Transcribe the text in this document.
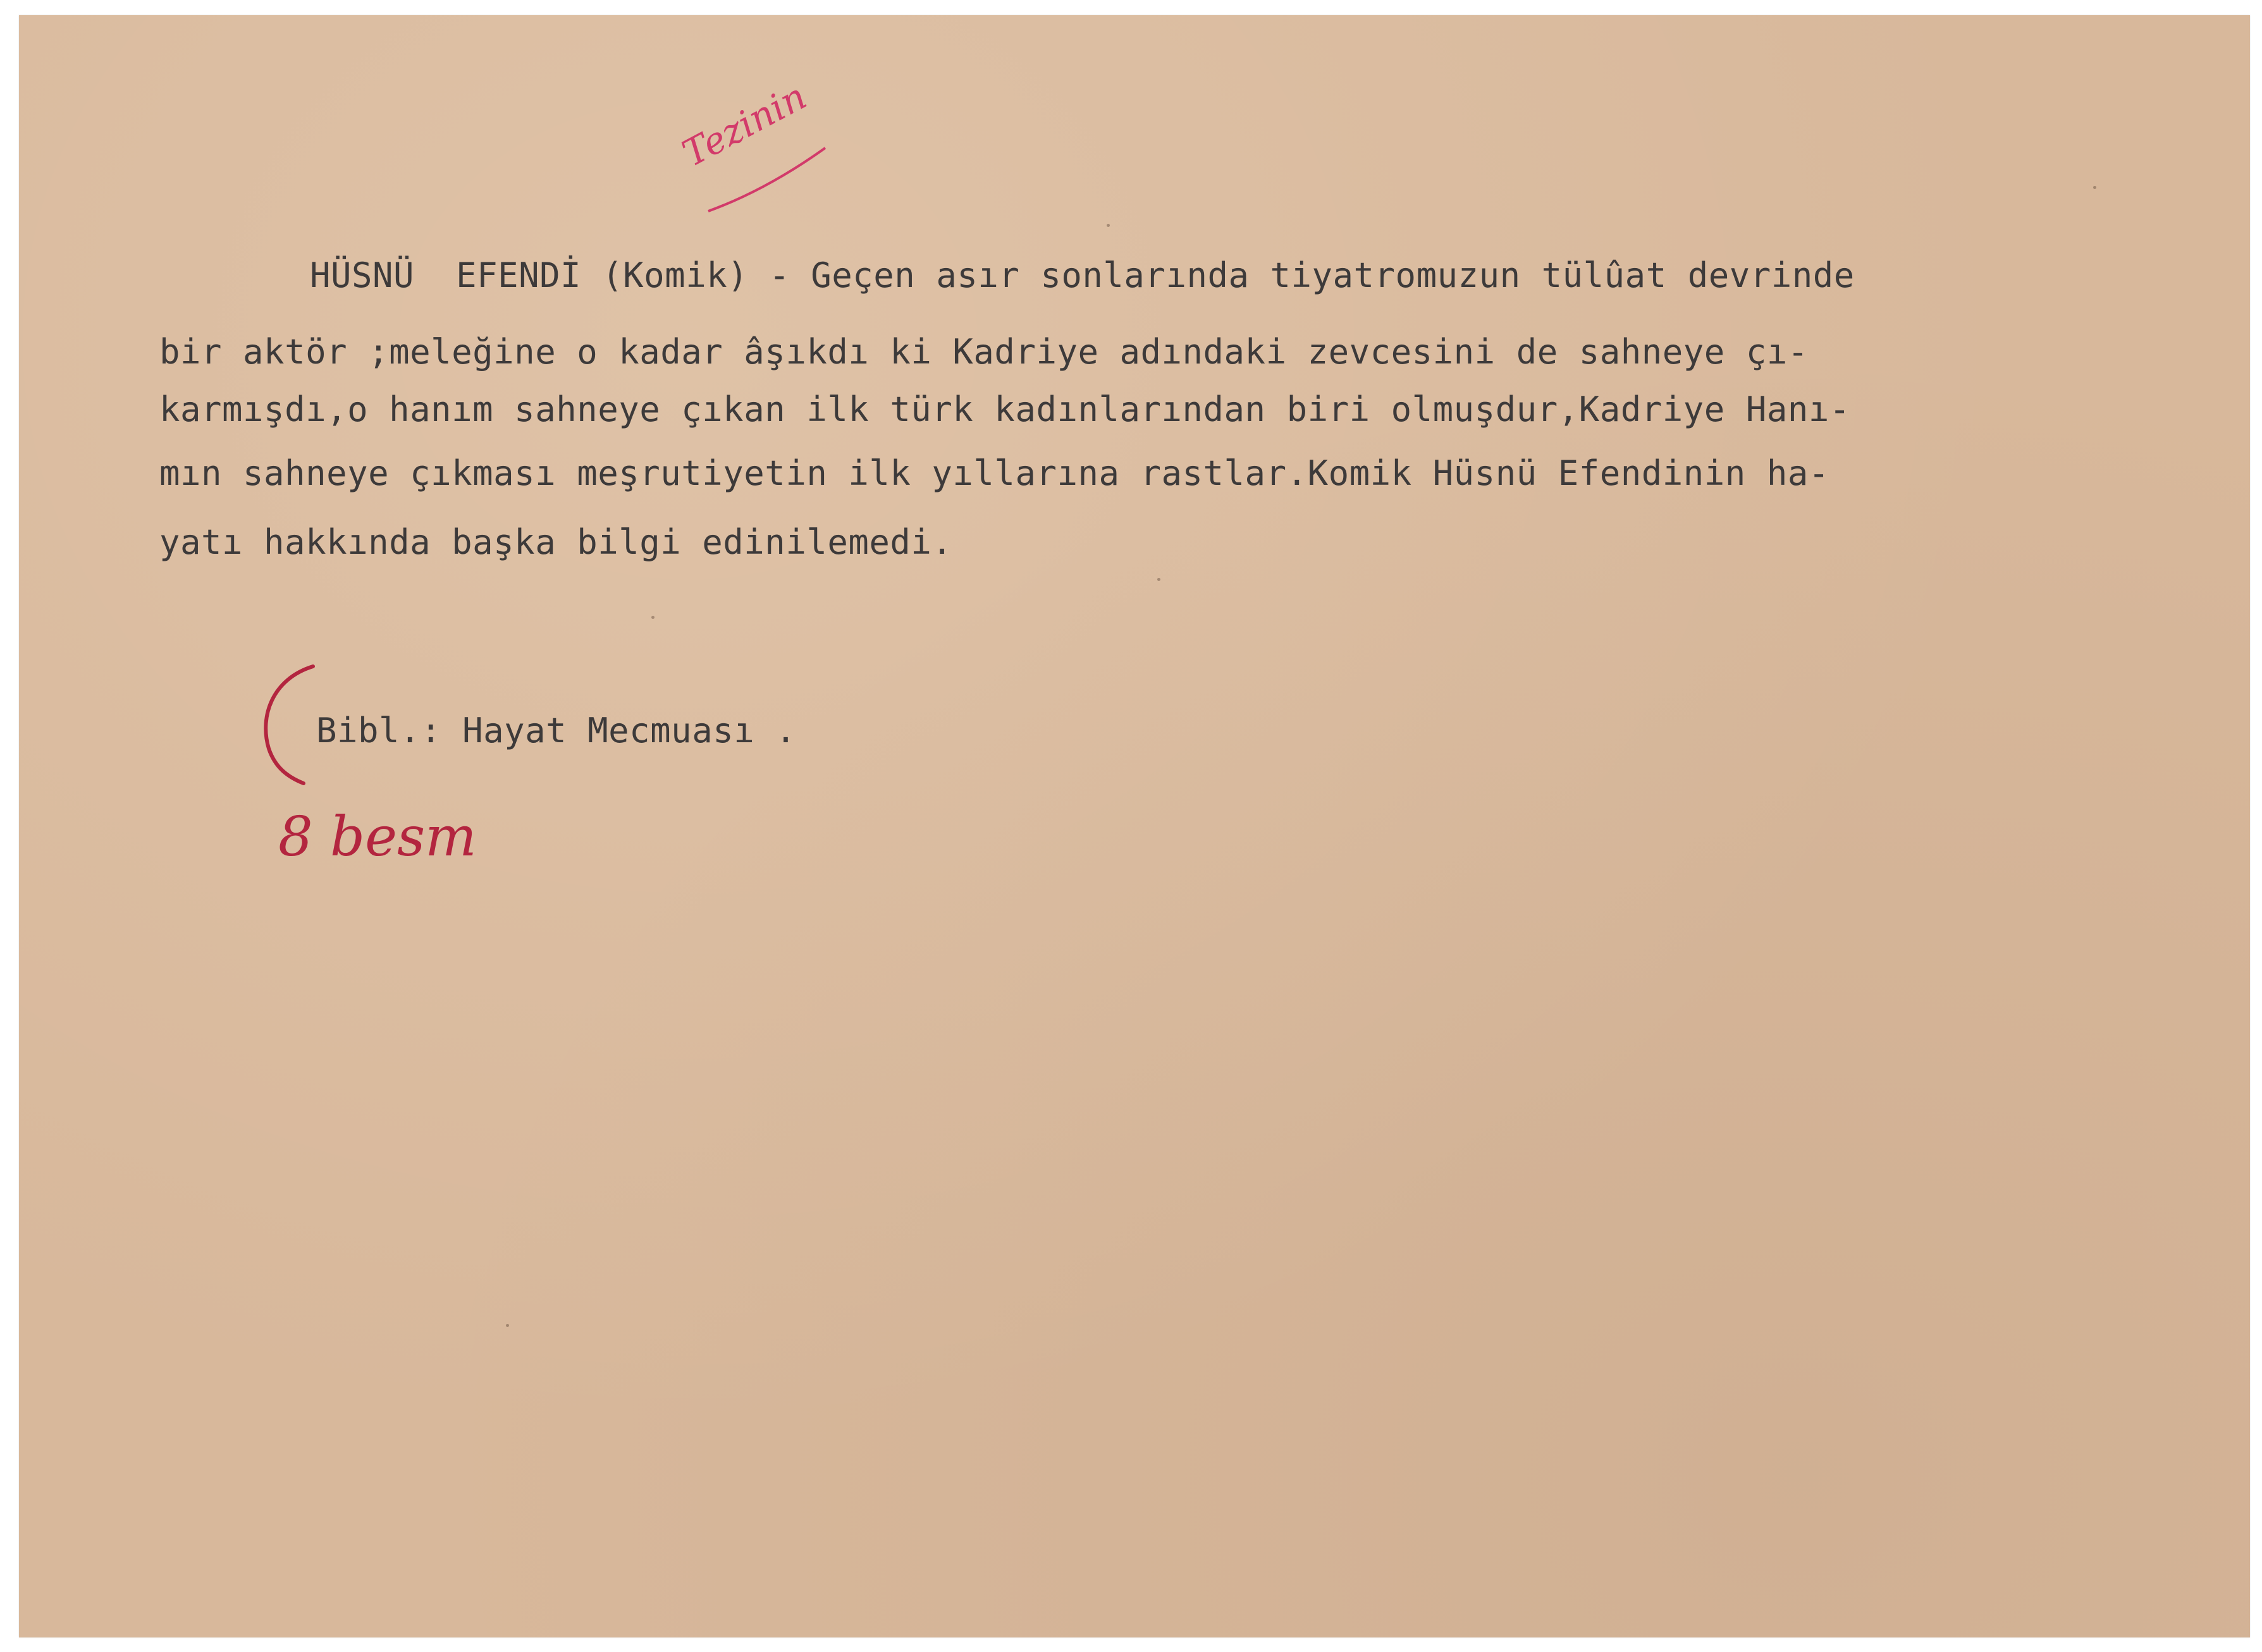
Tezinin
HÜSNÜ  EFENDİ (Komik) - Geçen asır sonlarında tiyatromuzun tülûat devrinde
bir aktör ;meleğine o kadar âşıkdı ki Kadriye adındaki zevcesini de sahneye çı-
karmışdı,o hanım sahneye çıkan ilk türk kadınlarından biri olmuşdur,Kadriye Hanı-
mın sahneye çıkması meşrutiyetin ilk yıllarına rastlar.Komik Hüsnü Efendinin ha-
yatı hakkında başka bilgi edinilemedi.
Bibl.: Hayat Mecmuası .
8 besm
